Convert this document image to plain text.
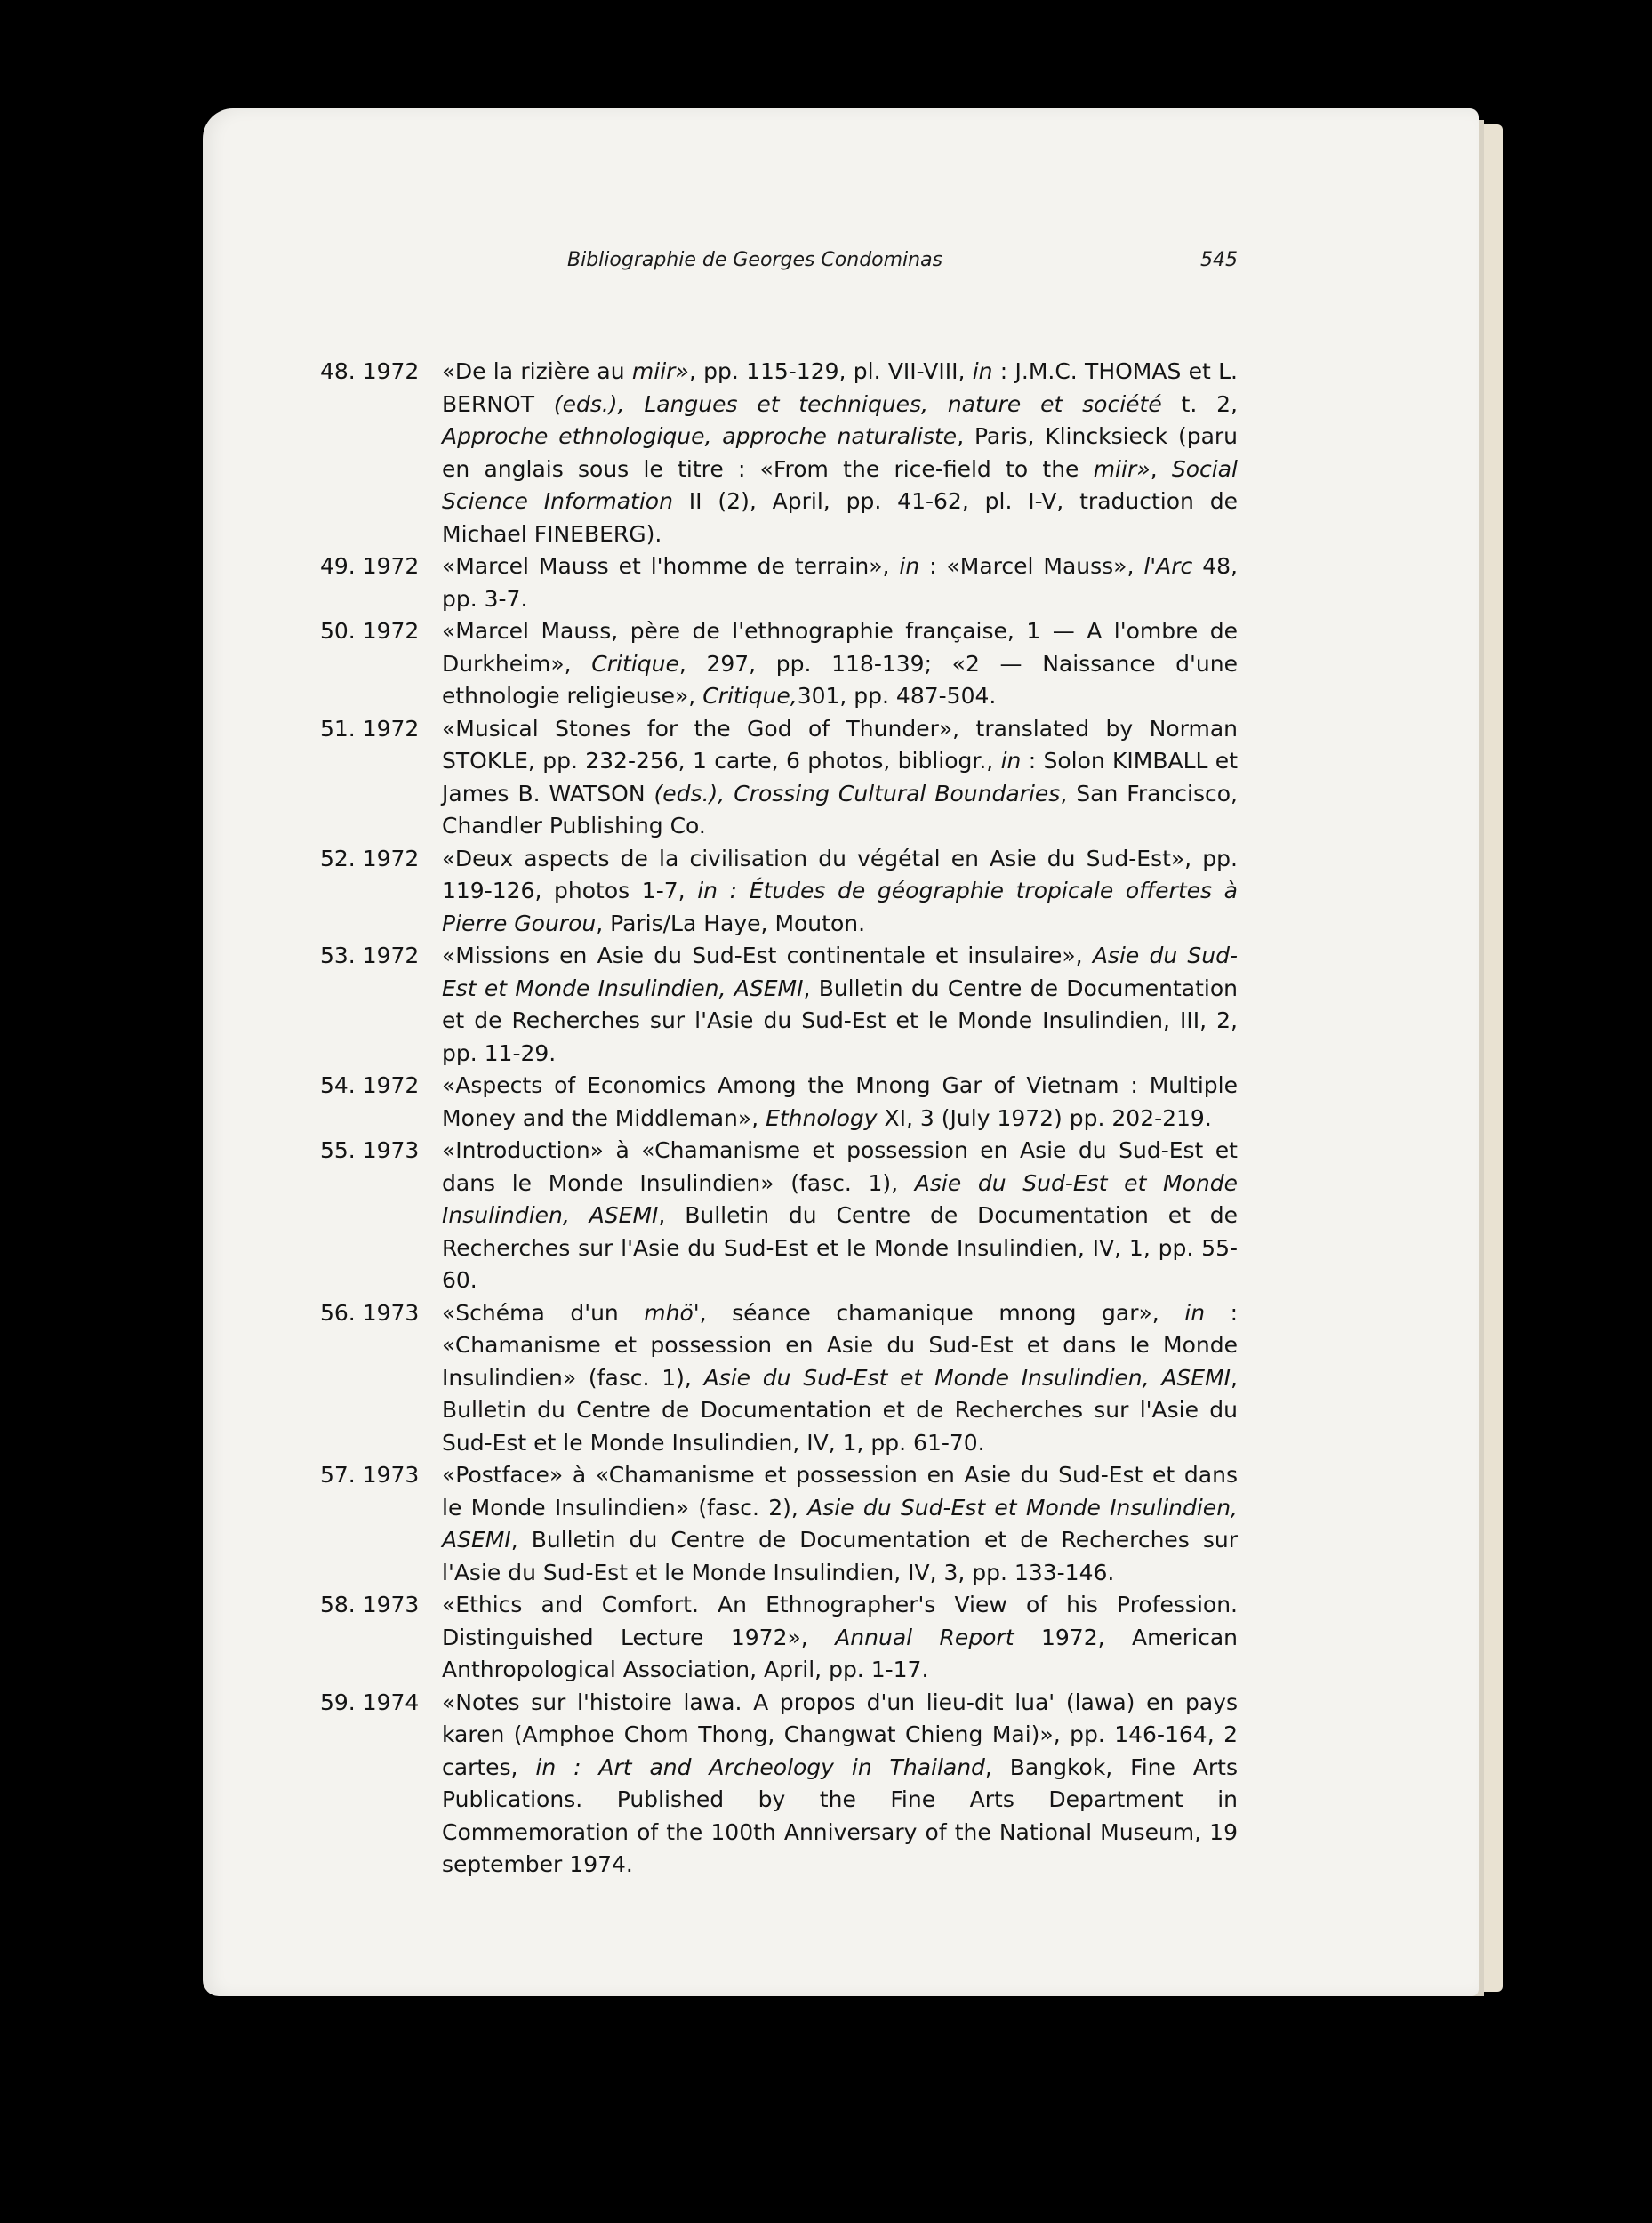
Bibliographie de Georges Condominas	545
48. 1972	«De la rizière au miir», pp. 115-129, pl. VII-VIII, in : J.M.C. THOMAS et L. BERNOT (eds.), Langues et techniques, nature et société t. 2, Approche ethnologique, approche naturaliste, Paris, Klincksieck (paru en anglais sous le titre : «From the rice-field to the miir», Social Science Information II (2), April, pp. 41-62, pl. I-V, traduction de Michael FINEBERG).
49. 1972	«Marcel Mauss et l'homme de terrain», in : «Marcel Mauss», l'Arc 48, pp. 3-7.
50. 1972	«Marcel Mauss, père de l'ethnographie française, 1 — A l'ombre de Durkheim», Critique, 297, pp. 118-139; «2 — Naissance d'une ethnologie religieuse», Critique,301, pp. 487-504.
51. 1972	«Musical Stones for the God of Thunder», translated by Norman STOKLE, pp. 232-256, 1 carte, 6 photos, bibliogr., in : Solon KIMBALL et James B. WATSON (eds.), Crossing Cultural Boundaries, San Francisco, Chandler Publishing Co.
52. 1972	«Deux aspects de la civilisation du végétal en Asie du Sud-Est», pp. 119-126, photos 1-7, in : Études de géographie tropicale offertes à Pierre Gourou, Paris/La Haye, Mouton.
53. 1972	«Missions en Asie du Sud-Est continentale et insulaire», Asie du Sud-Est et Monde Insulindien, ASEMI, Bulletin du Centre de Documentation et de Recherches sur l'Asie du Sud-Est et le Monde Insulindien, III, 2, pp. 11-29.
54. 1972	«Aspects of Economics Among the Mnong Gar of Vietnam : Multiple Money and the Middleman», Ethnology XI, 3 (July 1972) pp. 202-219.
55. 1973	«Introduction» à «Chamanisme et possession en Asie du Sud-Est et dans le Monde Insulindien» (fasc. 1), Asie du Sud-Est et Monde Insulindien, ASEMI, Bulletin du Centre de Documentation et de Recherches sur l'Asie du Sud-Est et le Monde Insulindien, IV, 1, pp. 55-60.
56. 1973	«Schéma d'un mhö', séance chamanique mnong gar», in : «Chamanisme et possession en Asie du Sud-Est et dans le Monde Insulindien» (fasc. 1), Asie du Sud-Est et Monde Insulindien, ASEMI, Bulletin du Centre de Documentation et de Recherches sur l'Asie du Sud-Est et le Monde Insulindien, IV, 1, pp. 61-70.
57. 1973	«Postface» à «Chamanisme et possession en Asie du Sud-Est et dans le Monde Insulindien» (fasc. 2), Asie du Sud-Est et Monde Insulindien, ASEMI, Bulletin du Centre de Documentation et de Recherches sur l'Asie du Sud-Est et le Monde Insulindien, IV, 3, pp. 133-146.
58. 1973	«Ethics and Comfort. An Ethnographer's View of his Profession. Distinguished Lecture 1972», Annual Report 1972, American Anthropological Association, April, pp. 1-17.
59. 1974	«Notes sur l'histoire lawa. A propos d'un lieu-dit lua' (lawa) en pays karen (Amphoe Chom Thong, Changwat Chieng Mai)», pp. 146-164, 2 cartes, in : Art and Archeology in Thailand, Bangkok, Fine Arts Publications. Published by the Fine Arts Department in Commemoration of the 100th Anniversary of the National Museum, 19 september 1974.
